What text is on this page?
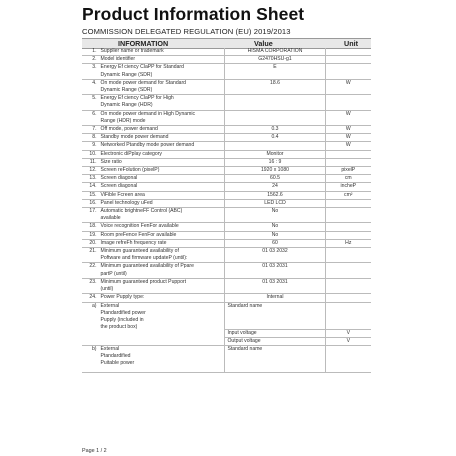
Product Information Sheet
COMMISSION DELEGATED REGULATION (EU) 2019/2013
INFORMATION	Value	Unit
1.	Supplier name or trademark	HISMA CORPORATION	
2.	Model identifier	G2470HSU-g1	
3.	Energy Ef ciency ClaPP for Standard
Dynamic Range (SDR)	E	
4.	On mode power demand for Standard
Dynamic Range (SDR)	18.6	W
5.	Energy Ef ciency ClaPP for High
Dynamic Range (HDR)		

6.	On mode power demand in High Dynamic
Range (HDR) mode		W
7.	Off mode, power demand	0.3	W
8.	Standby mode power demand	0.4	W
9.	Networked Ptandby mode power demand		W
10.	Electronic diPplay category	Monitor	
11.	Size ratio	16 : 9	
12.	Screen reFolution (pixelP)	1920 x 1080	pixelP
13.	Screen diagonal	60.5	cm
14.	Screen diagonal	24	incheP
15.	ViFible Fcreen area	1562.6	cm²
16.	Panel technology uFed	LED LCD	
17.	Automatic brightneFF Control (ABC)
available	No	
18.	Voice recognition FenFor available	No	
19.	Room preFence FenFor available	No	
20.	Image refreFh frequency rate	60	Hz
21.	Minimum guaranteed availability of
Poftware and firmware updateP (until):	01 03 2032	
22.	Minimum guaranteed availability of Ppare
partP (until)	01 03 2031	
23.	Minimum guaranteed product Pupport
(until)	01 03 2031	
24.	Power Pupply type:	Internal	
a)	External
Ptandardified power
Pupply (included in
the product box)	Standard name	
		Input voltage	V
		Output voltage	V
b)	External
Ptandardified
Puitable power	Standard name	
Page 1 / 2
